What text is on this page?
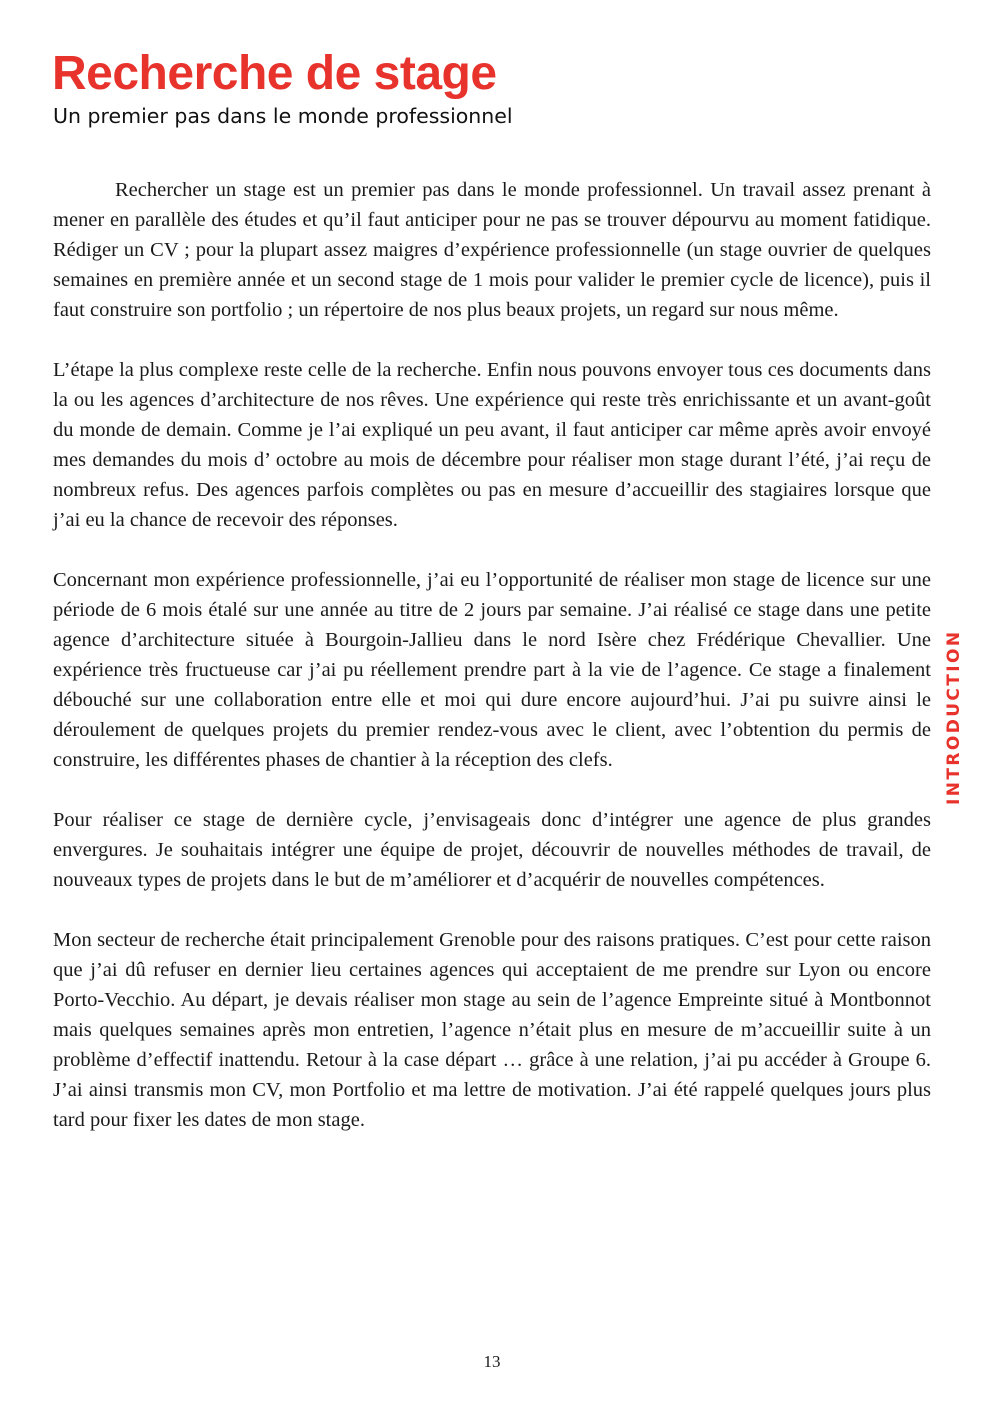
Recherche de stage
Un premier pas dans le monde professionnel

Rechercher un stage est un premier pas dans le monde professionnel. Un travail assez prenant à mener en parallèle des études et qu’il faut anticiper pour ne pas se trouver dépourvu au moment fatidique. Rédiger un CV ; pour la plupart assez maigres d’expérience professionnelle (un stage ouvrier de quelques semaines en première année et un second stage de 1 mois pour valider le premier cycle de licence), puis il faut construire son portfolio ; un répertoire de nos plus beaux projets, un regard sur nous même.

L’étape la plus complexe reste celle de la recherche. Enfin nous pouvons envoyer tous ces documents dans la ou les agences d’architecture de nos rêves. Une expérience qui reste très enrichissante et un avant-goût du monde de demain. Comme je l’ai expliqué un peu avant, il faut anticiper car même après avoir envoyé mes demandes du mois d’ octobre au mois de décembre pour réaliser mon stage durant l’été, j’ai reçu de nombreux refus. Des agences parfois complètes ou pas en mesure d’accueillir des stagiaires lorsque que j’ai eu la chance de recevoir des réponses.

Concernant mon expérience professionnelle, j’ai eu l’opportunité de réaliser mon stage de licence sur une période de 6 mois étalé sur une année au titre de 2 jours par semaine. J’ai réalisé ce stage dans une petite agence d’architecture située à Bourgoin-Jallieu dans le nord Isère chez Frédérique Chevallier. Une expérience très fructueuse car j’ai pu réellement prendre part à la vie de l’agence. Ce stage a finalement débouché sur une collaboration entre elle et moi qui dure encore aujourd’hui. J’ai pu suivre ainsi le déroulement de quelques projets du premier rendez-vous avec le client, avec l’obtention du permis de construire, les différentes phases de chantier à la réception des clefs.

Pour réaliser ce stage de dernière cycle, j’envisageais donc d’intégrer une agence de plus grandes envergures. Je souhaitais intégrer une équipe de projet, découvrir de nouvelles méthodes de travail, de nouveaux types de projets dans le but de m’améliorer et d’acquérir de nouvelles compétences.

Mon secteur de recherche était principalement Grenoble pour des raisons pratiques. C’est pour cette raison que j’ai dû refuser en dernier lieu certaines agences qui acceptaient de me prendre sur Lyon ou encore Porto-Vecchio. Au départ, je devais réaliser mon stage au sein de l’agence Empreinte situé à Montbonnot mais quelques semaines après mon entretien, l’agence n’était plus en mesure de m’accueillir suite à un problème d’effectif inattendu. Retour à la case départ … grâce à une relation, j’ai pu accéder à Groupe 6. J’ai ainsi transmis mon CV, mon Portfolio et ma lettre de motivation. J’ai été rappelé quelques jours plus tard pour fixer les dates de mon stage.

INTRODUCTION
13
